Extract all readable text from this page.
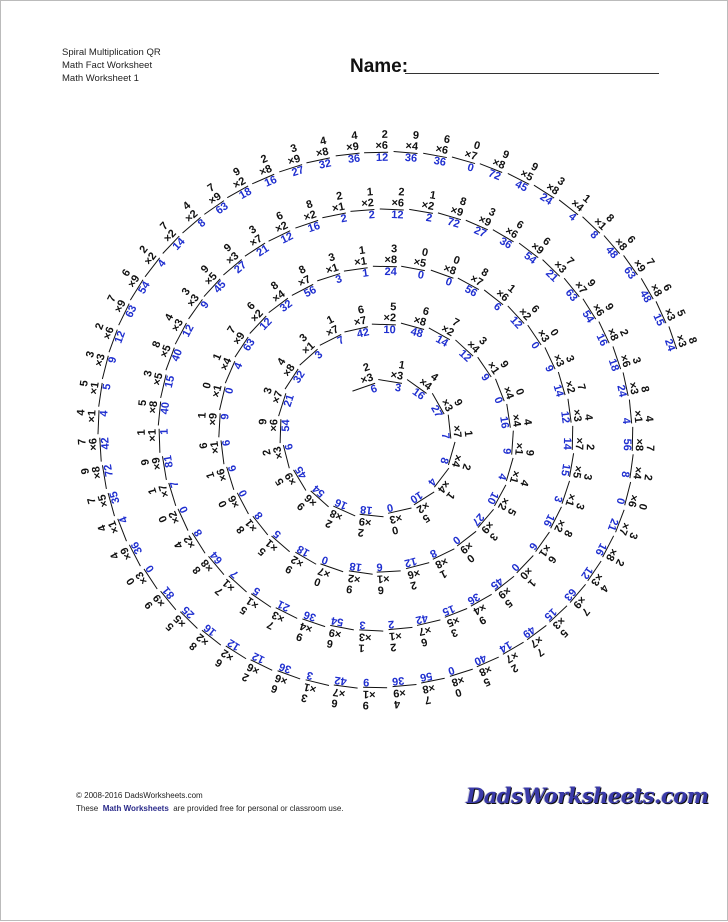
Spiral Multiplication QR
Math Fact Worksheet
Math Worksheet 1
Name:
2
×3
6
1
×3
3
4
×4
16	9
×3
27
1
×7
7
2
×4
8
1
×4
4
5
×2
10
0
×3
0
2
×9
18
2
×8
16
9
×6
54
5
×9
45
2
×3
6
9
×6 54
3
×7
21
4
×8
32
3
×1
3
1
×7
7
6
×7
42
5
×2
10
6
×8
48
7
×2
14	3
×4
12	9
×1
9
0
×4
0
4
×4
16
9
×1
9
4
×1
4
5
×2
10
3
×9
27
0
×9
0
1
×8
8
2
×6
12
6
×1
6
9
×2
18
0
×7
0
9
×2
18
5
×1
5
8
×1
8
0
×6
0
1
×6
6
6
×1
6
1
×9 9
0
×1
0
1
×4
4
7
×9
63
6
×2
12
8
×4
32
8
×7
56
3
×1
3
1
×1
1
3
×8
24
0
×5
0
0
×8
0
8
×7
56	1
×6
6	6
×2
12
0
×3
0
3
×3
9
7
×2
14
4
×3
12
2
×7
14
3
×5
15
3
×1
3
8
×2
16
6
×1
6
1
×0
0
5
×9
45
9
×4
36
3
×5
15
6
×7
42
2
×1
2
1
×3
3
6
×9
54
9
×4
36
7
×3
21
5
×1
5
7
×1
7
8
×8
64
4
×2
8
0
×2
0
1
×7
7
9
×9
81
1
×1 1
5
×8
40
3
×5
15
8
×5
40
4
×3
12
3
×3
9
9
×5
45
9
×3
27
3
×7
21
6
×2
12
8
×2
16
2
×1
2
1
×2
2
2
×6
12
1
×2
2
8
×9
72
3
×9
27	6
×6
36	6
×9
54	7
×3
21	9
×7
63
9
×6
54
2
×8
16
3
×6
18
8
×3
24
4
×1
4
7
×8
56
2
×4
8
0
×6
0
3
×7
21
2
×8
16
4
×3
12
7
×9
63
5
×3
15
7
×7
49
2
×7
14
5
×8
40
0
×8
0
7
×8
56
4
×9
36
9
×1
9
6
×7
42
3
×1
3
6
×6
36
2
×6
12
6
×2
12
8
×2
16
5
×5
25
9
×9
81
0
×3
0
4
×9
36
4
×1
4
7
×5
35
9
×8
72
7
×6 42
4
×1 4
5
×1 5
3
×3
9
2
×6
12
7
×9
63
6
×9
54
2
×2
4
7
×2
14
4
×2
8
7
×9
63
9
×2
18
2
×8
16
3
×9
27
4
×8
32
4
×9
36
2
×6
12
9
×4
36
6
×6
36
0
×7
0
9
×8
72
9
×5
45	3
×8
24	1
×4
4	8
×1
8	6
×8
48
7
×9
63
6
×8
48
5
×3
15
8
×3
24
© 2008-2016 DadsWorksheets.com
These Math Worksheets are provided free for personal or classroom use.
DadsWorksheets.com
